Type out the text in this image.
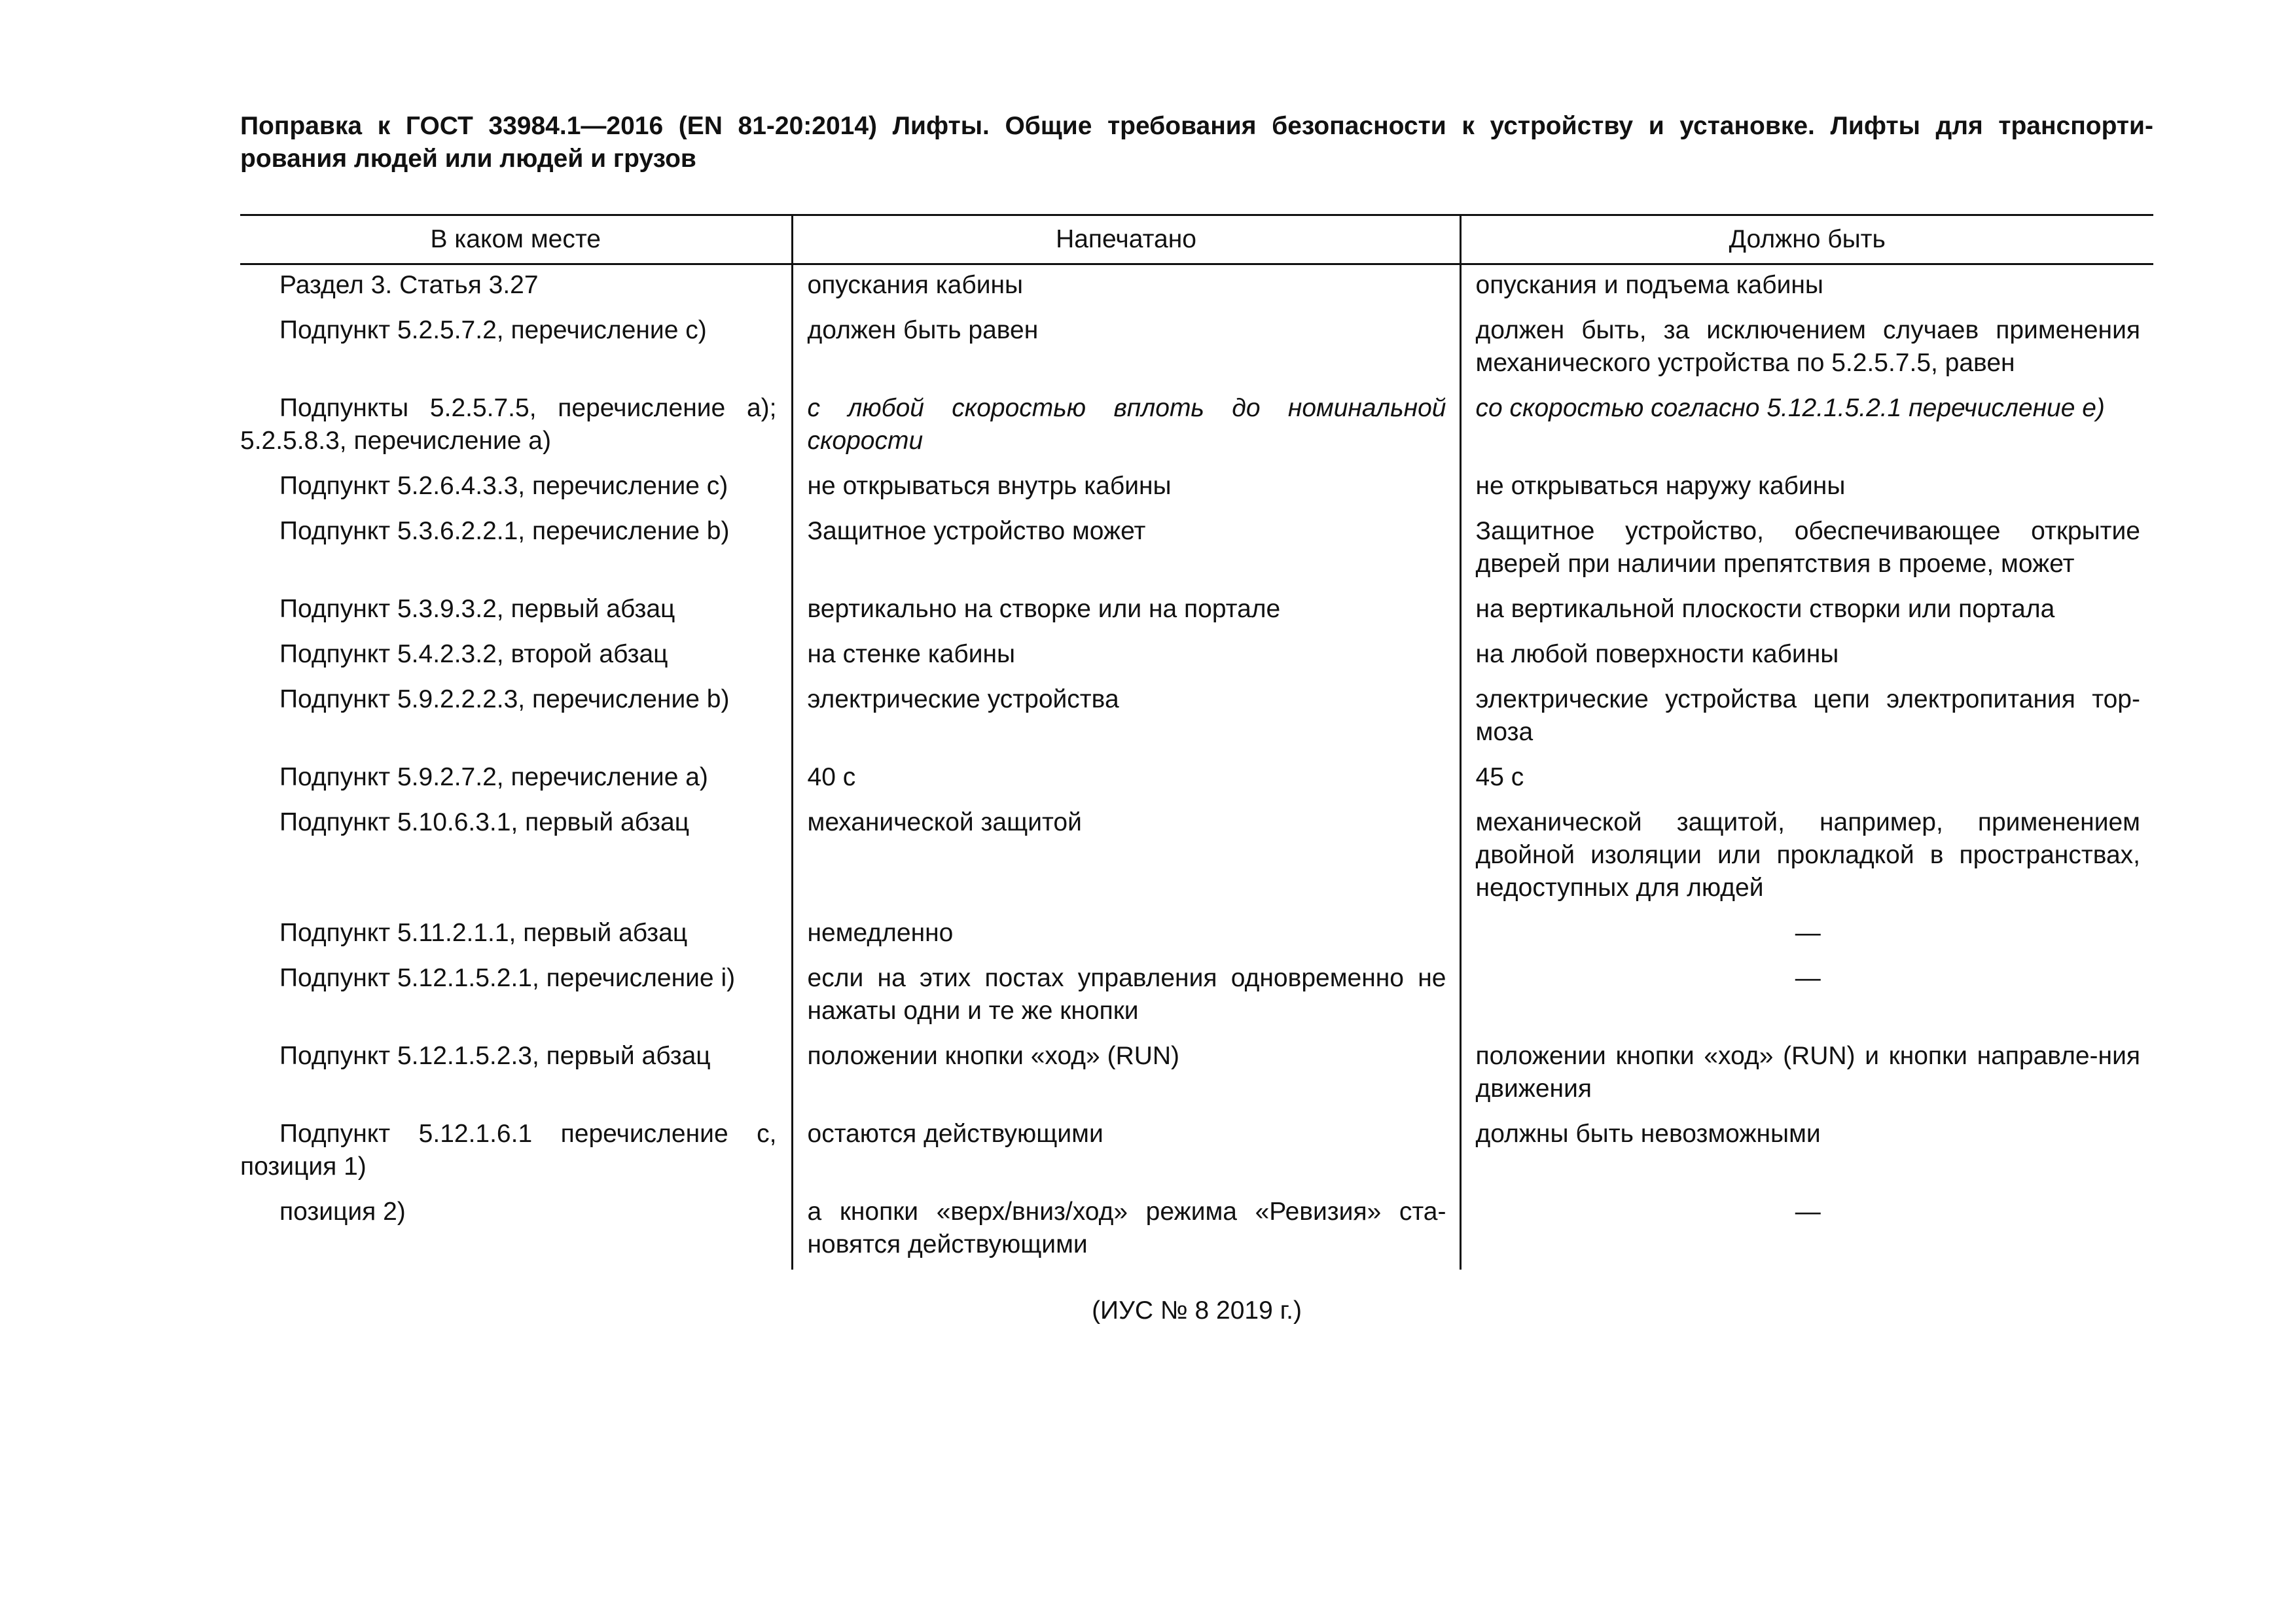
Поправка к ГОСТ 33984.1—2016 (EN 81-20:2014) Лифты. Общие требования безопасности к устройству и установке. Лифты для транспорти-
рования людей или людей и грузов
В каком месте	Напечатано	Должно быть
Раздел 3. Статья 3.27	опускания кабины	опускания и подъема кабины
Подпункт 5.2.5.7.2, перечисление c)	должен быть равен	должен быть, за исключением случаев применения механического устройства по 5.2.5.7.5, равен
Подпункты 5.2.5.7.5, перечисление a); 5.2.5.8.3, перечисление a)	с любой скоростью вплоть до номинальной скорости	со скоростью согласно 5.12.1.5.2.1 перечисление e)
Подпункт 5.2.6.4.3.3, перечисление c)	не открываться внутрь кабины	не открываться наружу кабины
Подпункт 5.3.6.2.2.1, перечисление b)	Защитное устройство может	Защитное устройство, обеспечивающее открытие дверей при наличии препятствия в проеме, может
Подпункт 5.3.9.3.2, первый абзац	вертикально на створке или на портале	на вертикальной плоскости створки или портала
Подпункт 5.4.2.3.2, второй абзац	на стенке кабины	на любой поверхности кабины
Подпункт 5.9.2.2.2.3, перечисление b)	электрические устройства	электрические устройства цепи электропитания тор-моза
Подпункт 5.9.2.7.2, перечисление a)	40 с	45 с
Подпункт 5.10.6.3.1, первый абзац	механической защитой	механической защитой, например, применением двойной изоляции или прокладкой в пространствах, недоступных для людей
Подпункт 5.11.2.1.1, первый абзац	немедленно	—
Подпункт 5.12.1.5.2.1, перечисление i)	если на этих постах управления одновременно не нажаты одни и те же кнопки	—
Подпункт 5.12.1.5.2.3, первый абзац	положении кнопки «ход» (RUN)	положении кнопки «ход» (RUN) и кнопки направле-ния движения
Подпункт 5.12.1.6.1 перечисление c, позиция 1)	остаются действующими	должны быть невозможными
позиция 2)	а кнопки «верх/вниз/ход» режима «Ревизия» ста-новятся действующими	—
(ИУС № 8 2019 г.)
